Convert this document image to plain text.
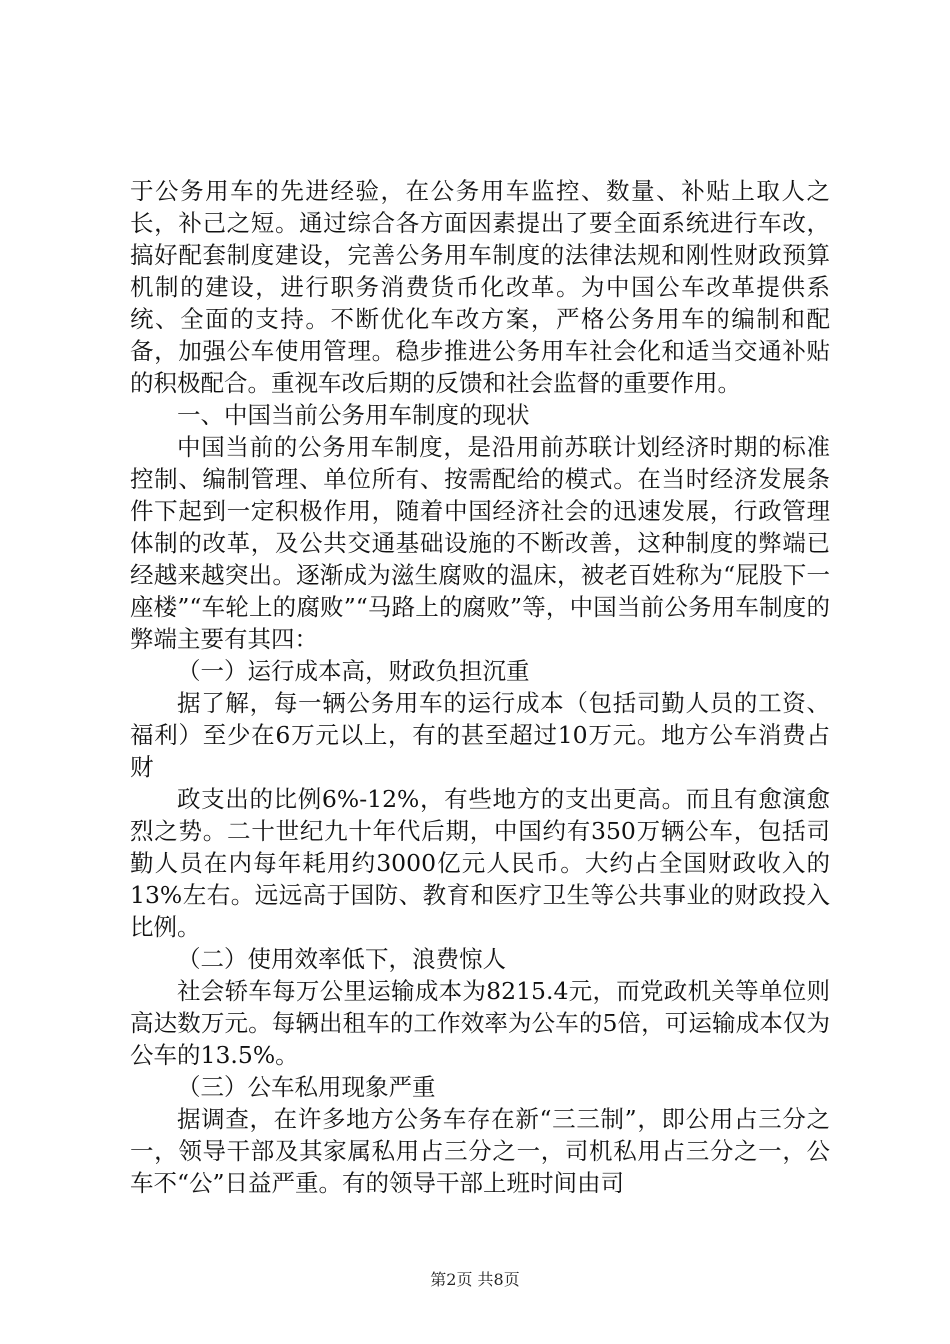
于公务用车的先进经验，在公务用车监控、数量、补贴上取人之长，补己之短。通过综合各方面因素提出了要全面系统进行车改，搞好配套制度建设，完善公务用车制度的法律法规和刚性财政预算机制的建设，进行职务消费货币化改革。为中国公车改革提供系统、全面的支持。不断优化车改方案，严格公务用车的编制和配备，加强公车使用管理。稳步推进公务用车社会化和适当交通补贴的积极配合。重视车改后期的反馈和社会监督的重要作用。

一、中国当前公务用车制度的现状

中国当前的公务用车制度，是沿用前苏联计划经济时期的标准控制、编制管理、单位所有、按需配给的模式。在当时经济发展条件下起到一定积极作用，随着中国经济社会的迅速发展，行政管理体制的改革，及公共交通基础设施的不断改善，这种制度的弊端已经越来越突出。逐渐成为滋生腐败的温床，被老百姓称为“屁股下一座楼”“车轮上的腐败”“马路上的腐败”等，中国当前公务用车制度的弊端主要有其四：

（一）运行成本高，财政负担沉重

据了解，每一辆公务用车的运行成本（包括司勤人员的工资、福利）至少在6万元以上，有的甚至超过10万元。地方公车消费占财

政支出的比例6%-12%，有些地方的支出更高。而且有愈演愈烈之势。二十世纪九十年代后期，中国约有350万辆公车，包括司勤人员在内每年耗用约3000亿元人民币。大约占全国财政收入的13%左右。远远高于国防、教育和医疗卫生等公共事业的财政投入比例。

（二）使用效率低下，浪费惊人

社会轿车每万公里运输成本为8215.4元，而党政机关等单位则高达数万元。每辆出租车的工作效率为公车的5倍，可运输成本仅为公车的13.5%。

（三）公车私用现象严重

据调查，在许多地方公务车存在新“三三制”，即公用占三分之一，领导干部及其家属私用占三分之一，司机私用占三分之一，公车不“公”日益严重。有的领导干部上班时间由司

第2页 共8页
